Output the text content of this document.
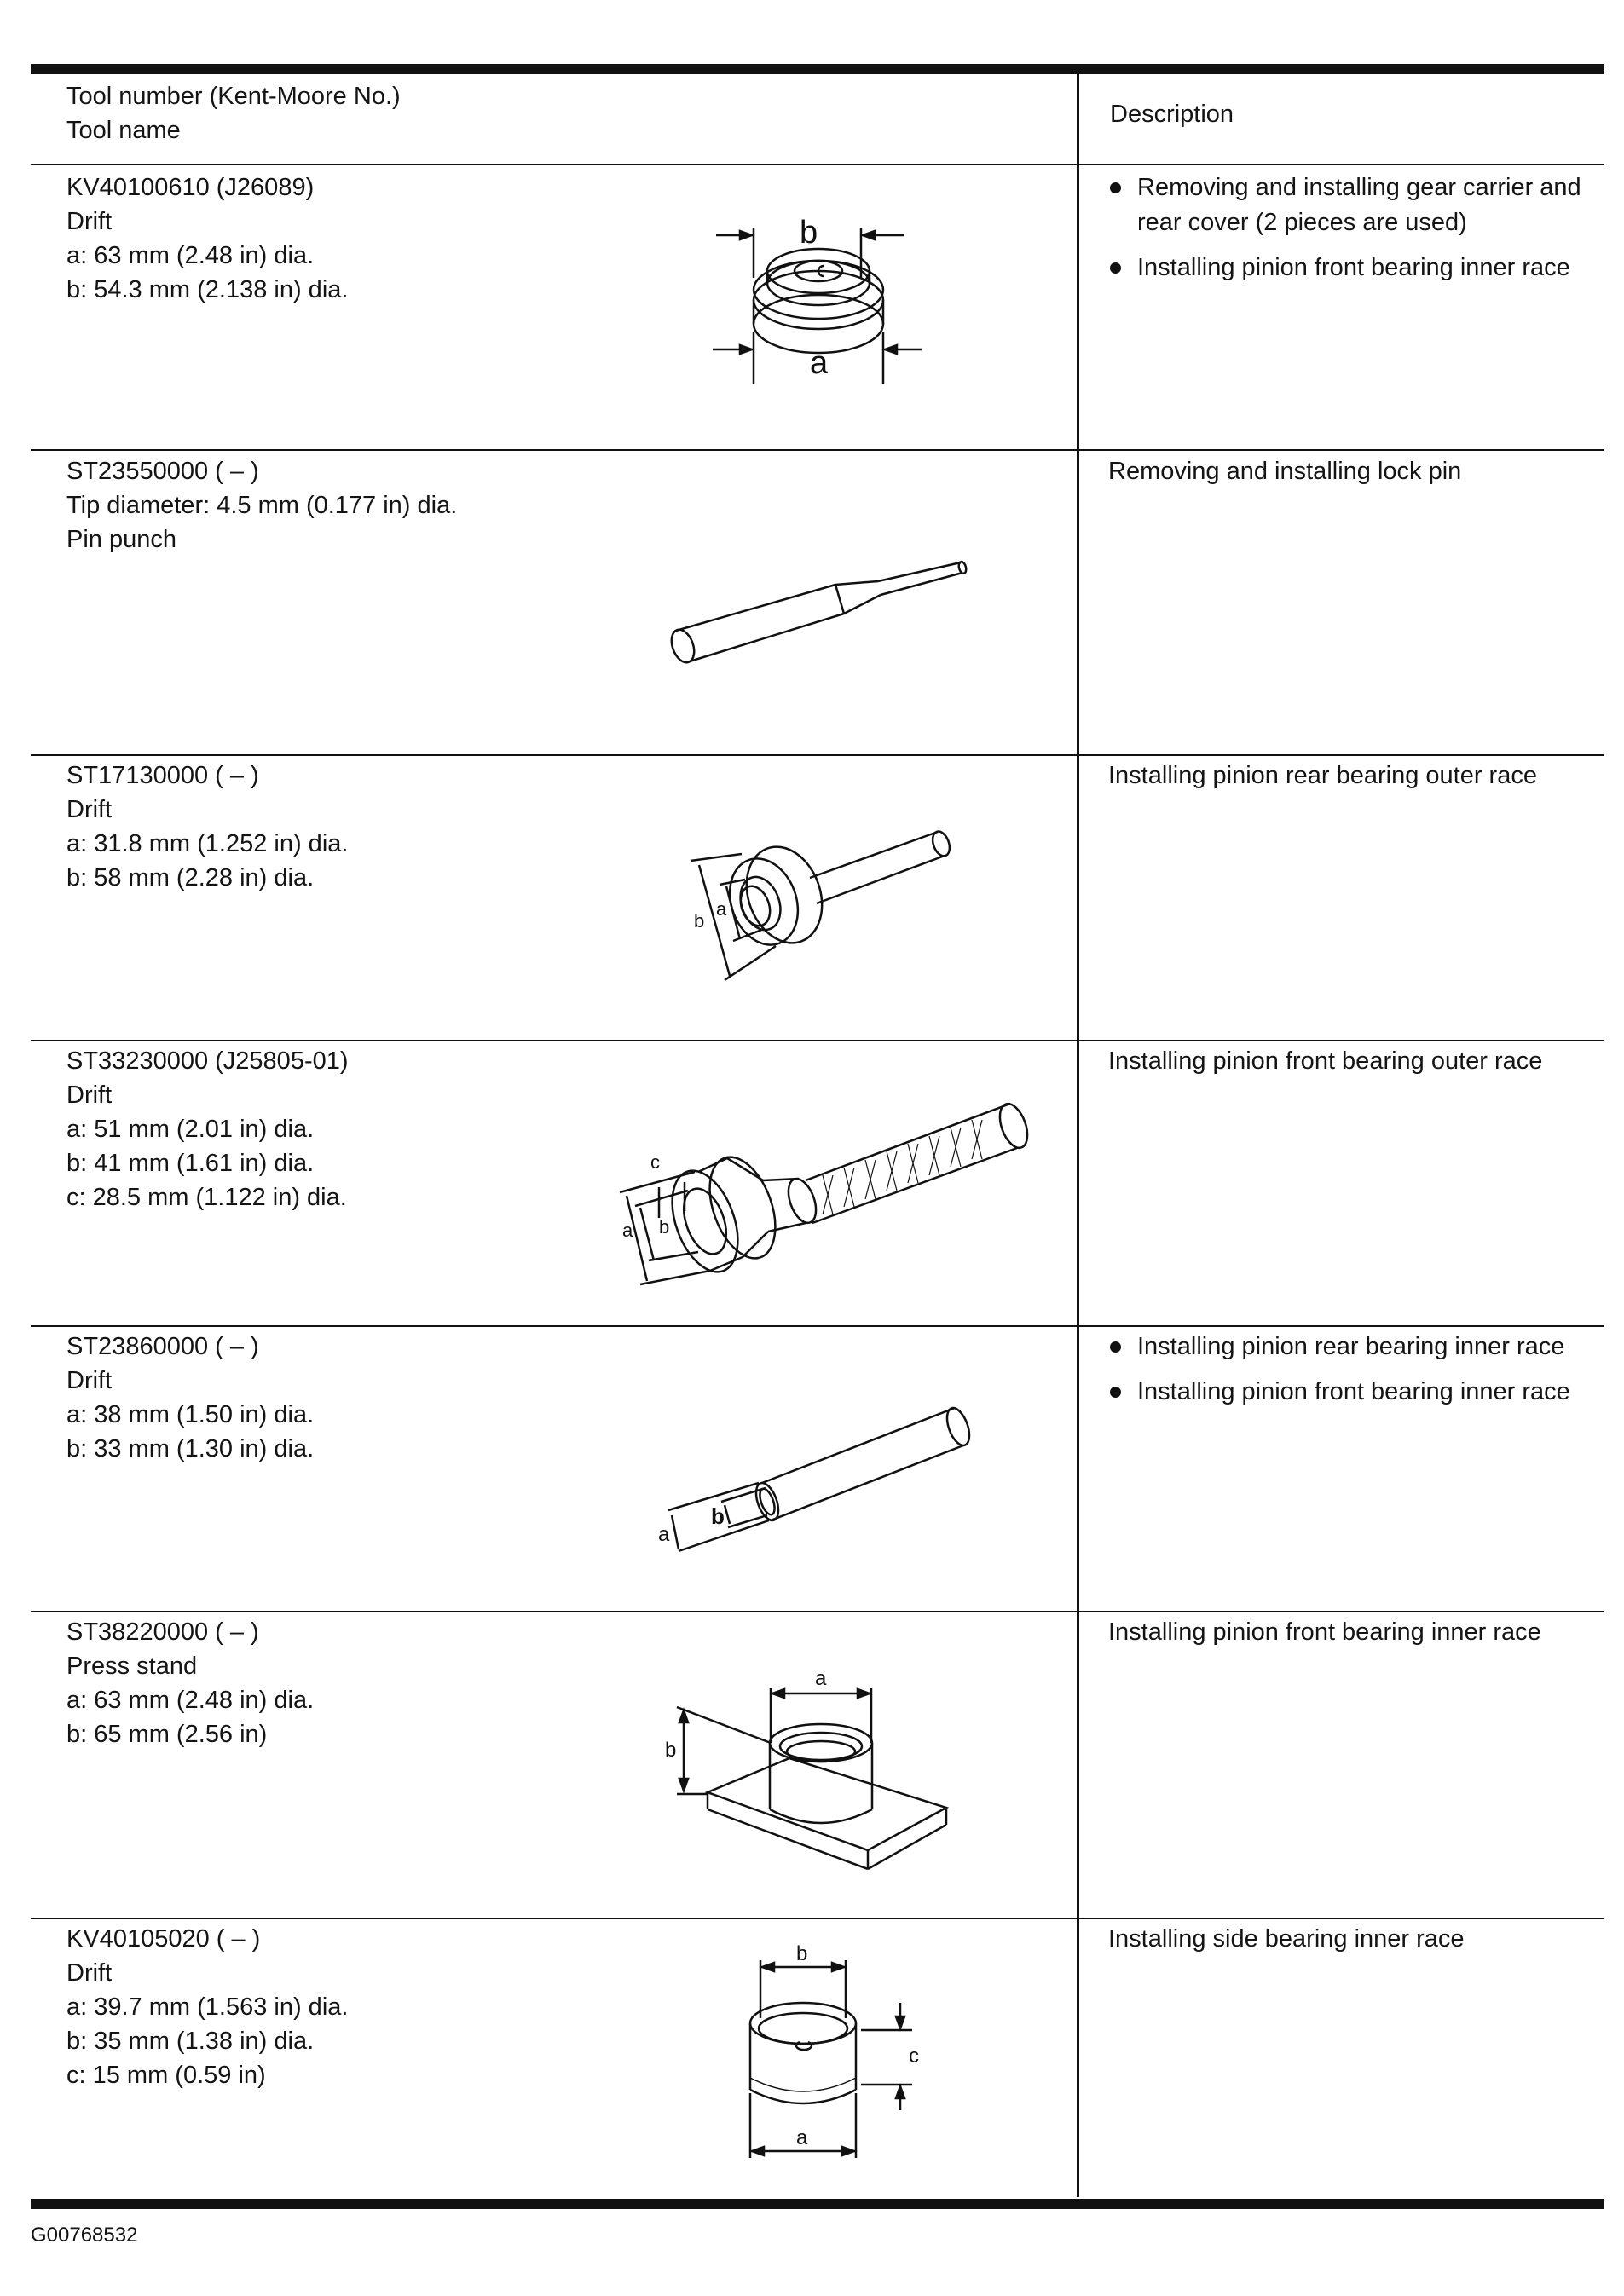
Tool number (Kent-Moore No.)
Tool name
Description
KV40100610 (J26089)
Drift
a: 63 mm (2.48 in) dia.
b: 54.3 mm (2.138 in) dia.
b
a
Removing and installing gear carrier and rear cover (2 pieces are used)
Installing pinion front bearing inner race
ST23550000 ( – )
Tip diameter: 4.5 mm (0.177 in) dia.
Pin punch
Removing and installing lock pin
ST17130000 ( – )
Drift
a: 31.8 mm (1.252 in) dia.
b: 58 mm (2.28 in) dia.
b
a
Installing pinion rear bearing outer race
ST33230000 (J25805-01)
Drift
a: 51 mm (2.01 in) dia.
b: 41 mm (1.61 in) dia.
c: 28.5 mm (1.122 in) dia.
c
a b
Installing pinion front bearing outer race
ST23860000 ( – )
Drift
a: 38 mm (1.50 in) dia.
b: 33 mm (1.30 in) dia.
b
a
Installing pinion rear bearing inner race
Installing pinion front bearing inner race
ST38220000 ( – )
Press stand
a: 63 mm (2.48 in) dia.
b: 65 mm (2.56 in)
a
b
Installing pinion front bearing inner race
KV40105020 ( – )
Drift
a: 39.7 mm (1.563 in) dia.
b: 35 mm (1.38 in) dia.
c: 15 mm (0.59 in)
b
c
a
Installing side bearing inner race
G00768532
